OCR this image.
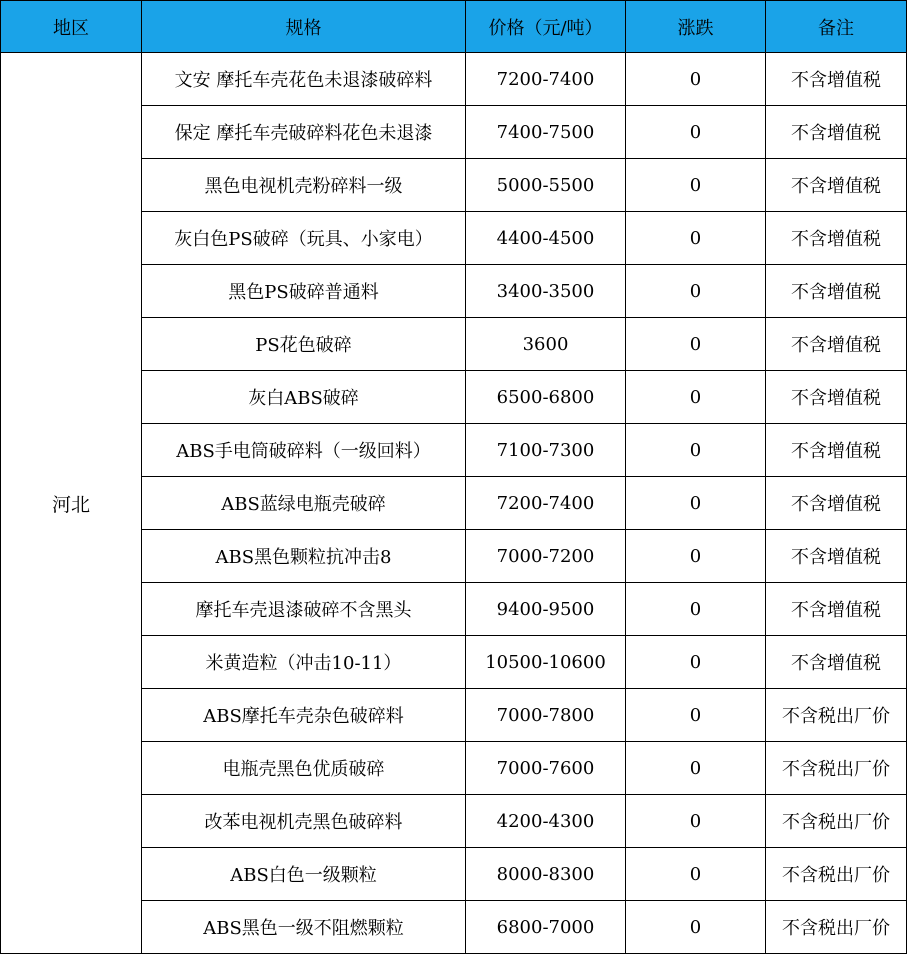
地区	规格	价格（元/吨）	涨跌	备注
河北	文安 摩托车壳花色未退漆破碎料	7200-7400	0	不含增值税
	保定 摩托车壳破碎料花色未退漆	7400-7500	0	不含增值税
	黑色电视机壳粉碎料一级	5000-5500	0	不含增值税
	灰白色PS破碎（玩具、小家电）	4400-4500	0	不含增值税
	黑色PS破碎普通料	3400-3500	0	不含增值税
	PS花色破碎	3600	0	不含增值税
	灰白ABS破碎	6500-6800	0	不含增值税
	ABS手电筒破碎料（一级回料）	7100-7300	0	不含增值税
	ABS蓝绿电瓶壳破碎	7200-7400	0	不含增值税
	ABS黑色颗粒抗冲击8	7000-7200	0	不含增值税
	摩托车壳退漆破碎不含黑头	9400-9500	0	不含增值税
	米黄造粒（冲击10-11）	10500-10600	0	不含增值税
	ABS摩托车壳杂色破碎料	7000-7800	0	不含税出厂价
	电瓶壳黑色优质破碎	7000-7600	0	不含税出厂价
	改苯电视机壳黑色破碎料	4200-4300	0	不含税出厂价
	ABS白色一级颗粒	8000-8300	0	不含税出厂价
	ABS黑色一级不阻燃颗粒	6800-7000	0	不含税出厂价
